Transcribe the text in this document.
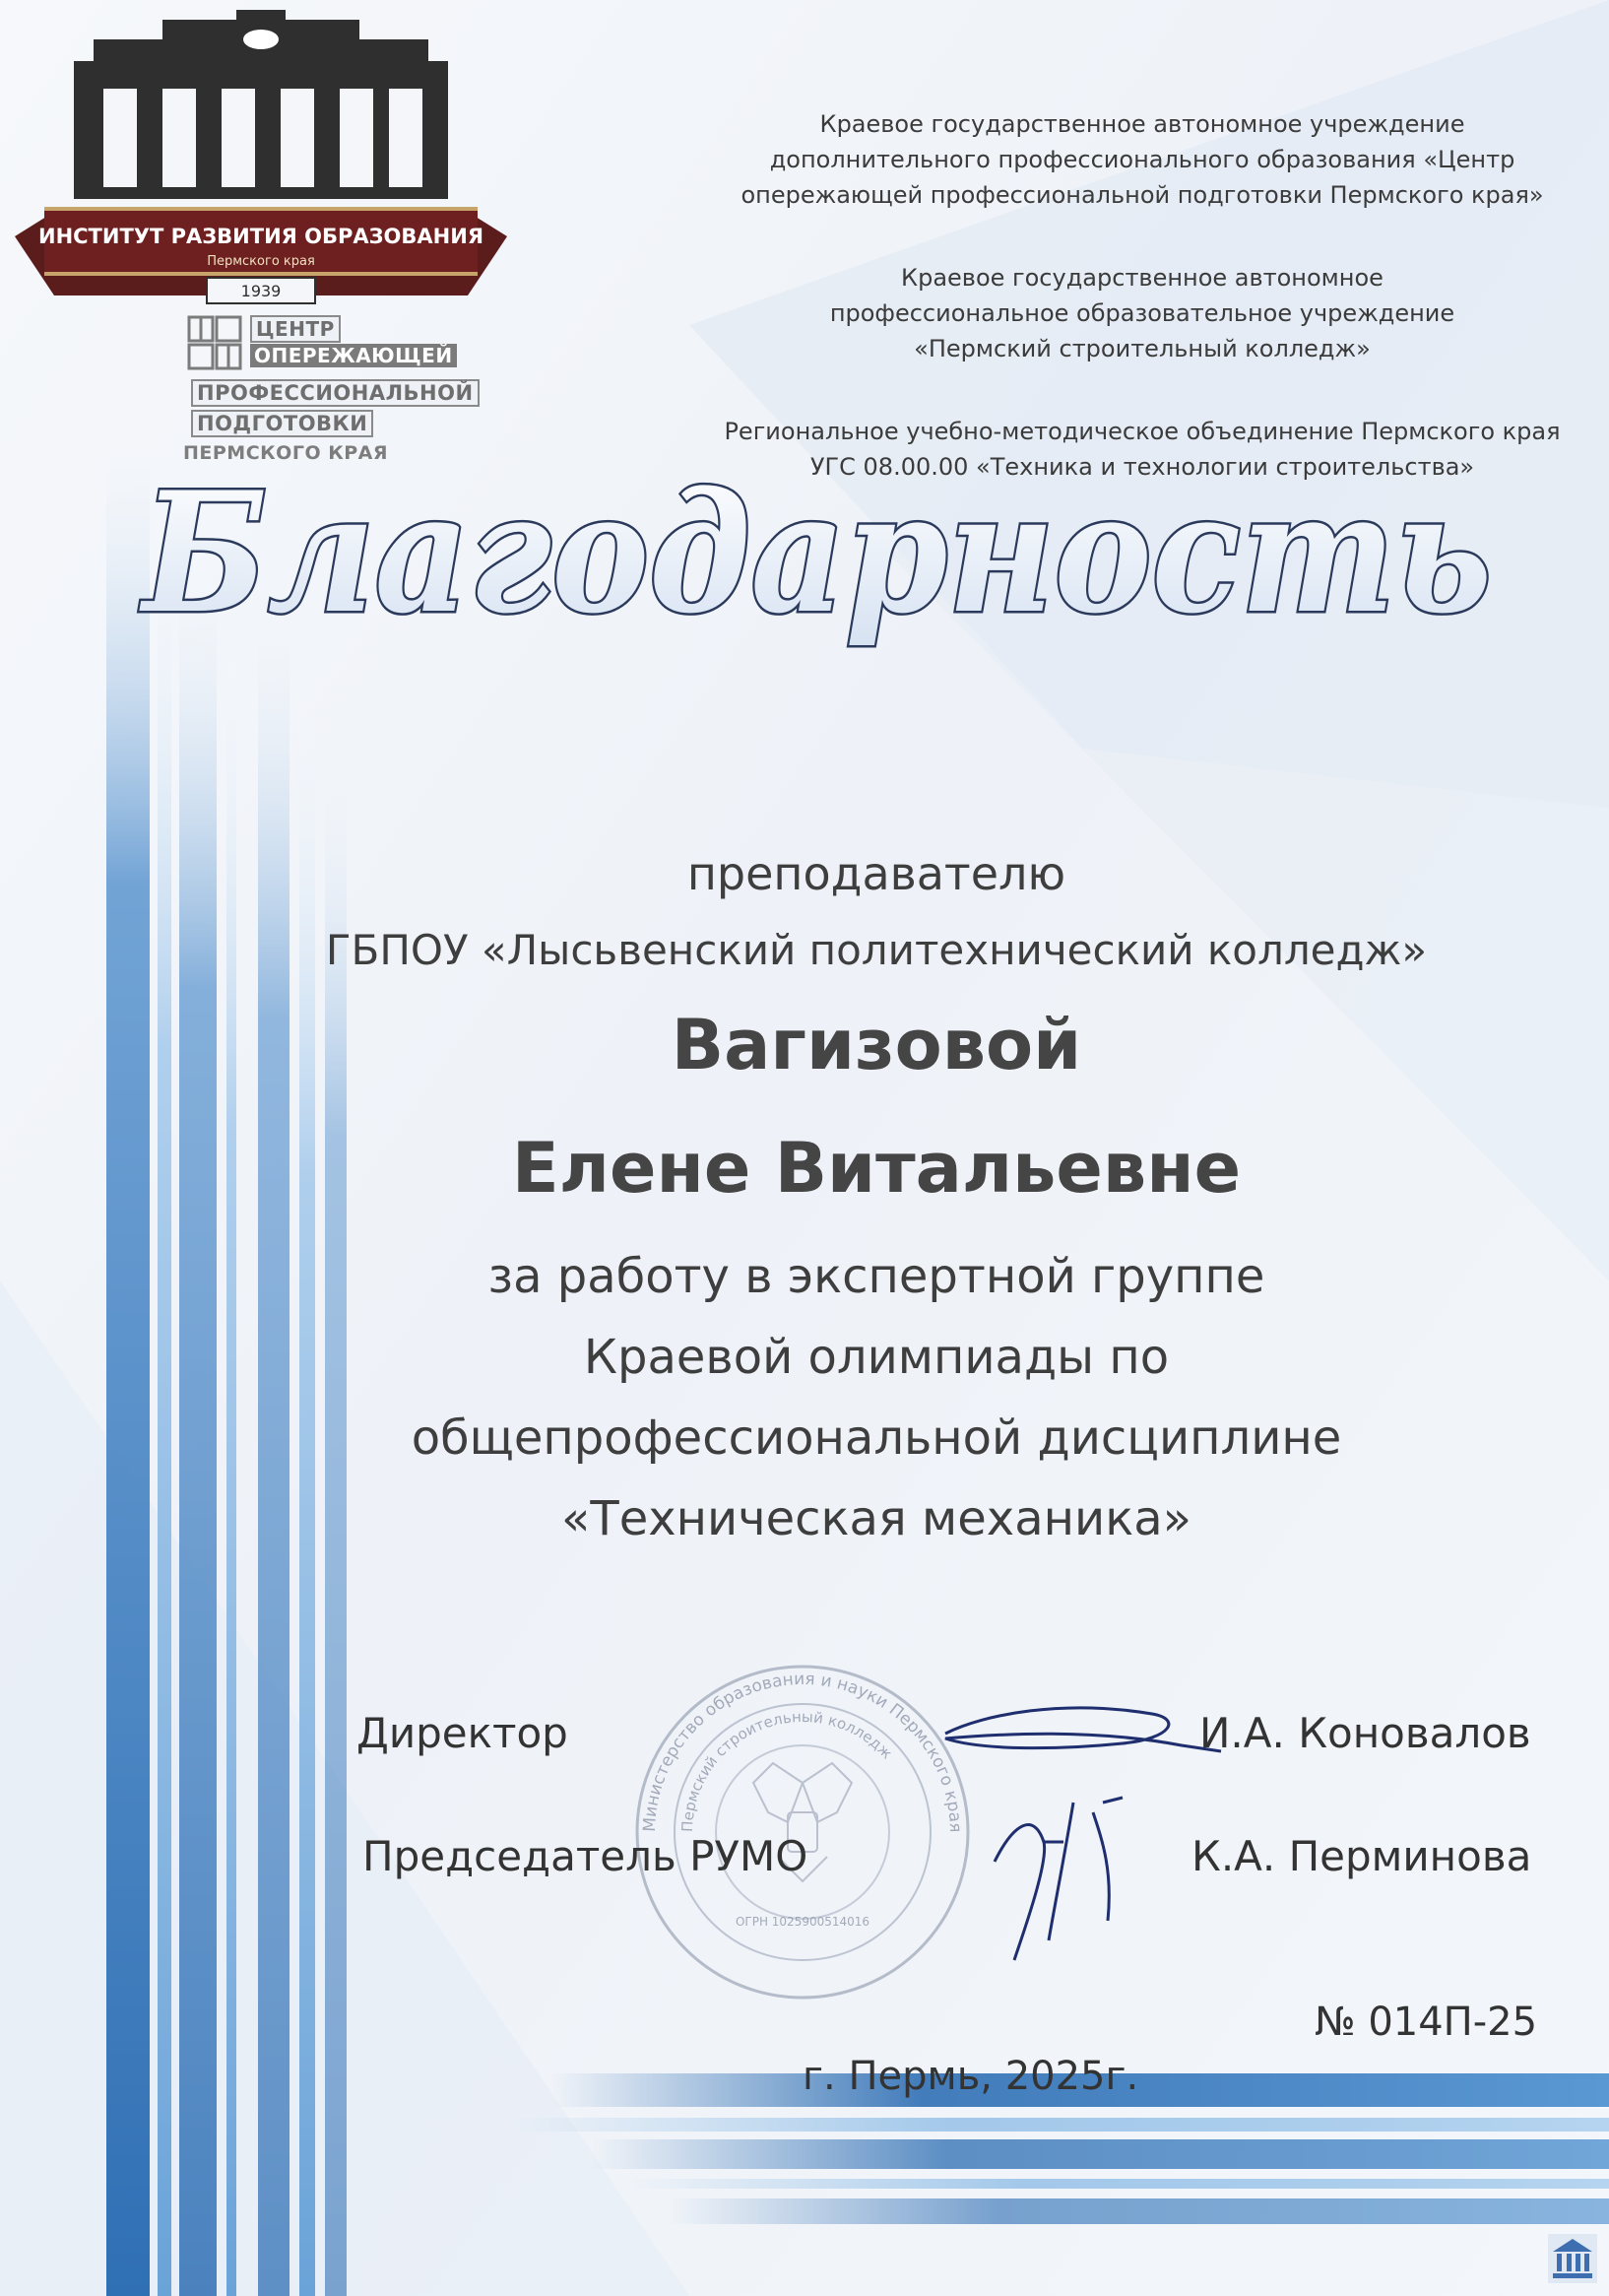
ИНСТИТУТ РАЗВИТИЯ ОБРАЗОВАНИЯ
Пермского края
1939
ЦЕНТР
ОПЕРЕЖАЮЩЕЙ
ПРОФЕССИОНАЛЬНОЙ
ПОДГОТОВКИ
ПЕРМСКОГО КРАЯ

Краевое государственное автономное учреждение

дополнительного профессионального образования «Центр

опережающей профессиональной подготовки Пермского края»

Краевое государственное автономное

профессиональное образовательное учреждение

«Пермский строительный колледж»

Региональное учебно-методическое объединение Пермского края

УГС 08.00.00 «Техника и технологии строительства»

Благодарность
преподавателю
ГБПОУ «Лысьвенский политехнический колледж»
Вагизовой
Елене Витальевне
за работу в экспертной группе
Краевой олимпиады по
общепрофессиональной дисциплине
«Техническая механика»
Министерство образования и науки Пермского края
Пермский строительный колледж
ОГРН 1025900514016
Директор	И.А. Коновалов
Председатель РУМО	К.А. Перминова
№ 014П-25
г. Пермь, 2025г.
